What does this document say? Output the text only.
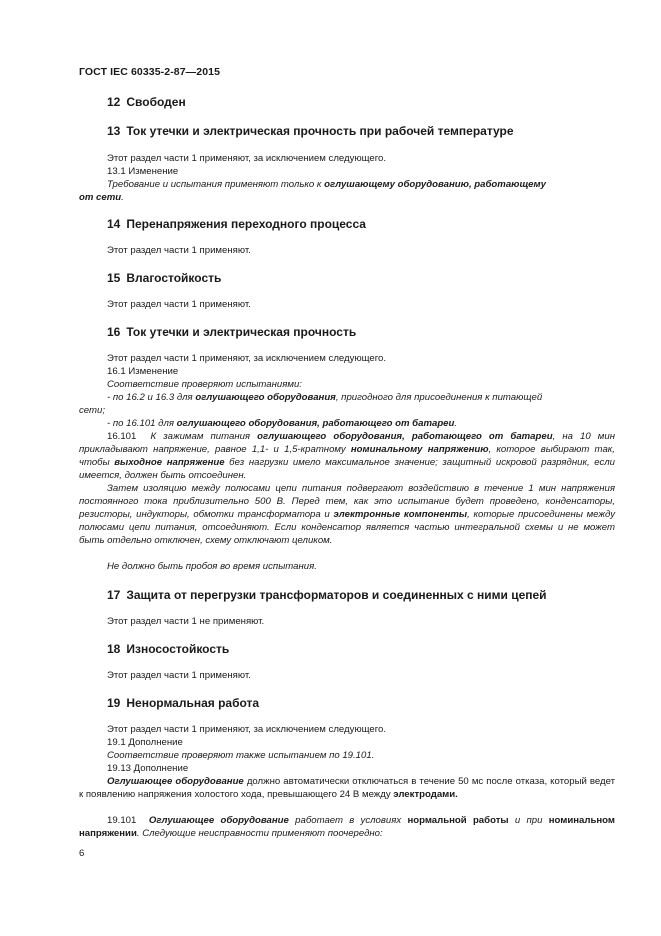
ГОСТ IEC 60335-2-87—2015
12 Свободен
13 Ток утечки и электрическая прочность при рабочей температуре
Этот раздел части 1 применяют, за исключением следующего.
13.1 Изменение
Требование и испытания применяют только к оглушающему оборудованию, работающему
от сети.
14 Перенапряжения переходного процесса
Этот раздел части 1 применяют.
15 Влагостойкость
Этот раздел части 1 применяют.
16 Ток утечки и электрическая прочность
Этот раздел части 1 применяют, за исключением следующего.
16.1 Изменение
Соответствие проверяют испытаниями:
- по 16.2 и 16.3 для оглушающего оборудования, пригодного для присоединения к питающей
сети;
- по 16.101 для оглушающего оборудования, работающего от батареи.
16.101 К зажимам питания оглушающего оборудования, работающего от батареи, на 10 мин прикладывают напряжение, равное 1,1- и 1,5-кратному номинальному напряжению, которое выбирают так, чтобы выходное напряжение без нагрузки имело максимальное значение; защитный искровой разрядник, если имеется, должен быть отсоединен.
Затем изоляцию между полюсами цепи питания подвергают воздействию в течение 1 мин напряжения постоянного тока приблизительно 500 В. Перед тем, как это испытание будет проведено, конденсаторы, резисторы, индукторы, обмотки трансформатора и электронные компоненты, которые присоединены между полюсами цепи питания, отсоединяют. Если конденсатор является частью интегральной схемы и не может быть отдельно отключен, схему отключают целиком.
Не должно быть пробоя во время испытания.
17 Защита от перегрузки трансформаторов и соединенных с ними цепей
Этот раздел части 1 не применяют.
18 Износостойкость
Этот раздел части 1 применяют.
19 Ненормальная работа
Этот раздел части 1 применяют, за исключением следующего.
19.1 Дополнение
Соответствие проверяют также испытанием по 19.101.
19.13 Дополнение
Оглушающее оборудование должно автоматически отключаться в течение 50 мс после отказа, который ведет к появлению напряжения холостого хода, превышающего 24 В между электродами.
19.101 Оглушающее оборудование работает в условиях нормальной работы и при номинальном напряжении. Следующие неисправности применяют поочередно:
6
